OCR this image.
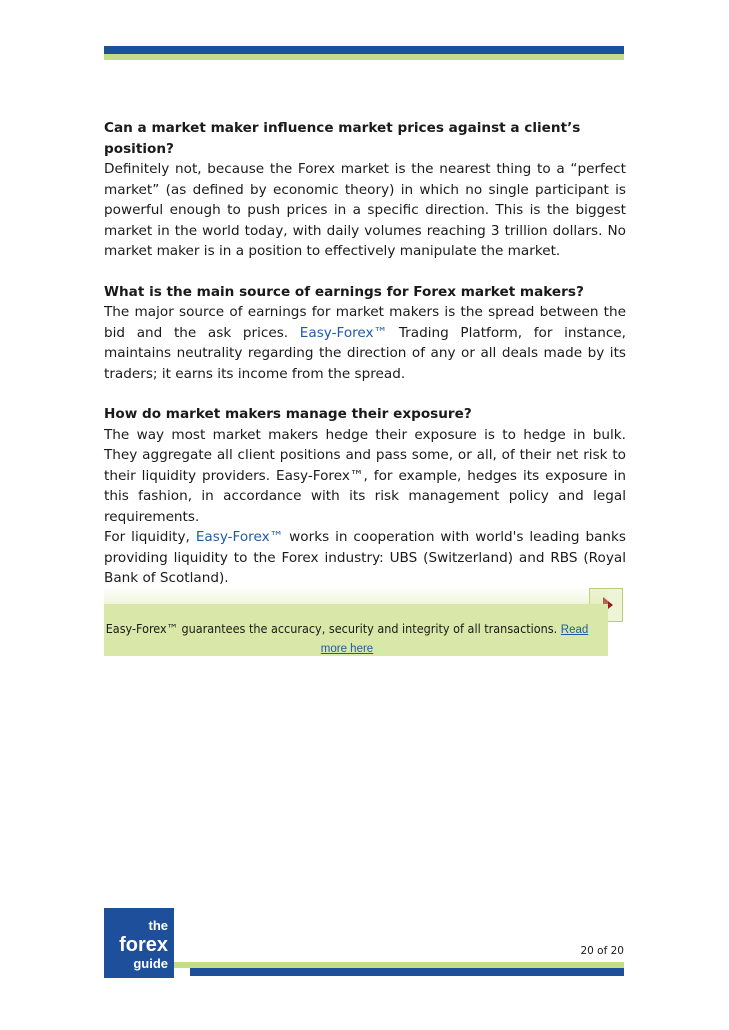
Can a market maker influence market prices against a client’s position?

Definitely not, because the Forex market is the nearest thing to a “perfect market” (as defined by economic theory) in which no single participant is powerful enough to push prices in a specific direction. This is the biggest market in the world today, with daily volumes reaching 3 trillion dollars. No market maker is in a position to effectively manipulate the market.

What is the main source of earnings for Forex market makers?

The major source of earnings for market makers is the spread between the bid and the ask prices. Easy-Forex™ Trading Platform, for instance, maintains neutrality regarding the direction of any or all deals made by its traders; it earns its income from the spread.

How do market makers manage their exposure?

The way most market makers hedge their exposure is to hedge in bulk. They aggregate all client positions and pass some, or all, of their net risk to their liquidity providers. Easy-Forex™, for example, hedges its exposure in this fashion, in accordance with its risk management policy and legal requirements.

For liquidity, Easy-Forex™ works in cooperation with world's leading banks providing liquidity to the Forex industry: UBS (Switzerland) and RBS (Royal Bank of Scotland).

Easy-Forex™ guarantees the accuracy, security and integrity of all transactions. Read more here
the
forex
guide
20 of 20
